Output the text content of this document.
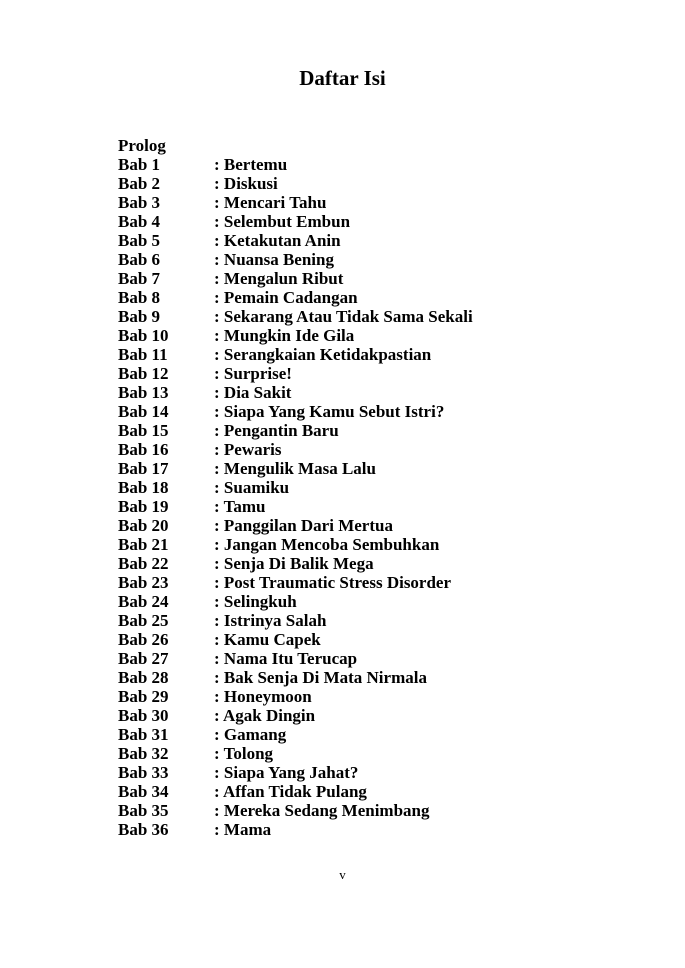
Daftar Isi
Prolog
Bab 1	: Bertemu
Bab 2	: Diskusi
Bab 3	: Mencari Tahu
Bab 4	: Selembut Embun
Bab 5	: Ketakutan Anin
Bab 6	: Nuansa Bening
Bab 7	: Mengalun Ribut
Bab 8	: Pemain Cadangan
Bab 9	: Sekarang Atau Tidak Sama Sekali
Bab 10	: Mungkin Ide Gila
Bab 11	: Serangkaian Ketidakpastian
Bab 12	: Surprise!
Bab 13	: Dia Sakit
Bab 14	: Siapa Yang Kamu Sebut Istri?
Bab 15	: Pengantin Baru
Bab 16	: Pewaris
Bab 17	: Mengulik Masa Lalu
Bab 18	: Suamiku
Bab 19	: Tamu
Bab 20	: Panggilan Dari Mertua
Bab 21	: Jangan Mencoba Sembuhkan
Bab 22	: Senja Di Balik Mega
Bab 23	: Post Traumatic Stress Disorder
Bab 24	: Selingkuh
Bab 25	: Istrinya Salah
Bab 26	: Kamu Capek
Bab 27	: Nama Itu Terucap
Bab 28	: Bak Senja Di Mata Nirmala
Bab 29	: Honeymoon
Bab 30	: Agak Dingin
Bab 31	: Gamang
Bab 32	: Tolong
Bab 33	: Siapa Yang Jahat?
Bab 34	: Affan Tidak Pulang
Bab 35	: Mereka Sedang Menimbang
Bab 36	: Mama
v
